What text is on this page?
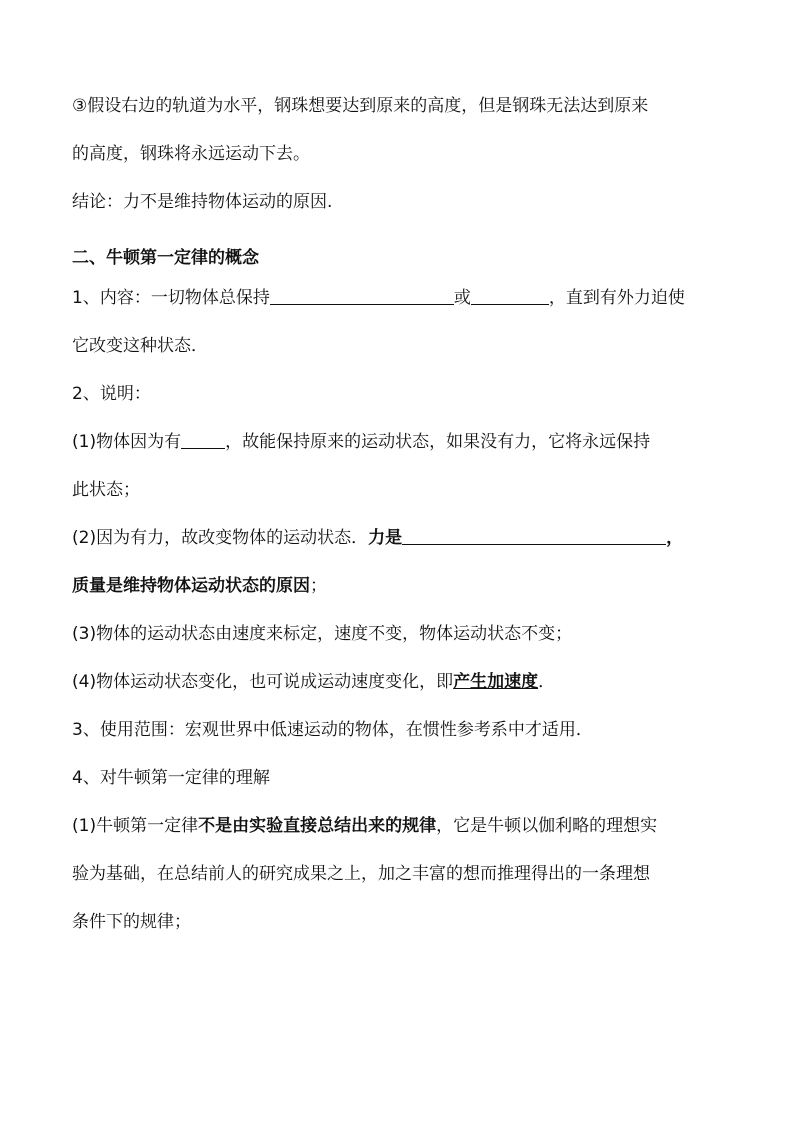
③假设右边的轨道为水平，钢珠想要达到原来的高度，但是钢珠无法达到原来
的高度，钢珠将永远运动下去。
结论：力不是维持物体运动的原因.
二、牛顿第一定律的概念
1、内容：一切物体总保持	或	，直到有外力迫使
它改变这种状态．
2、说明：
(1)物体因为有	，故能保持原来的运动状态，如果没有力，它将永远保持
此状态；
(2)因为有力，故改变物体的运动状态．力是	，
质量是维持物体运动状态的原因；
(3)物体的运动状态由速度来标定，速度不变，物体运动状态不变；
(4)物体运动状态变化，也可说成运动速度变化，即产生加速度．
3、使用范围：宏观世界中低速运动的物体，在惯性参考系中才适用．
4、对牛顿第一定律的理解
(1)牛顿第一定律不是由实验直接总结出来的规律，它是牛顿以伽利略的理想实
验为基础，在总结前人的研究成果之上，加之丰富的想而推理得出的一条理想
条件下的规律；
